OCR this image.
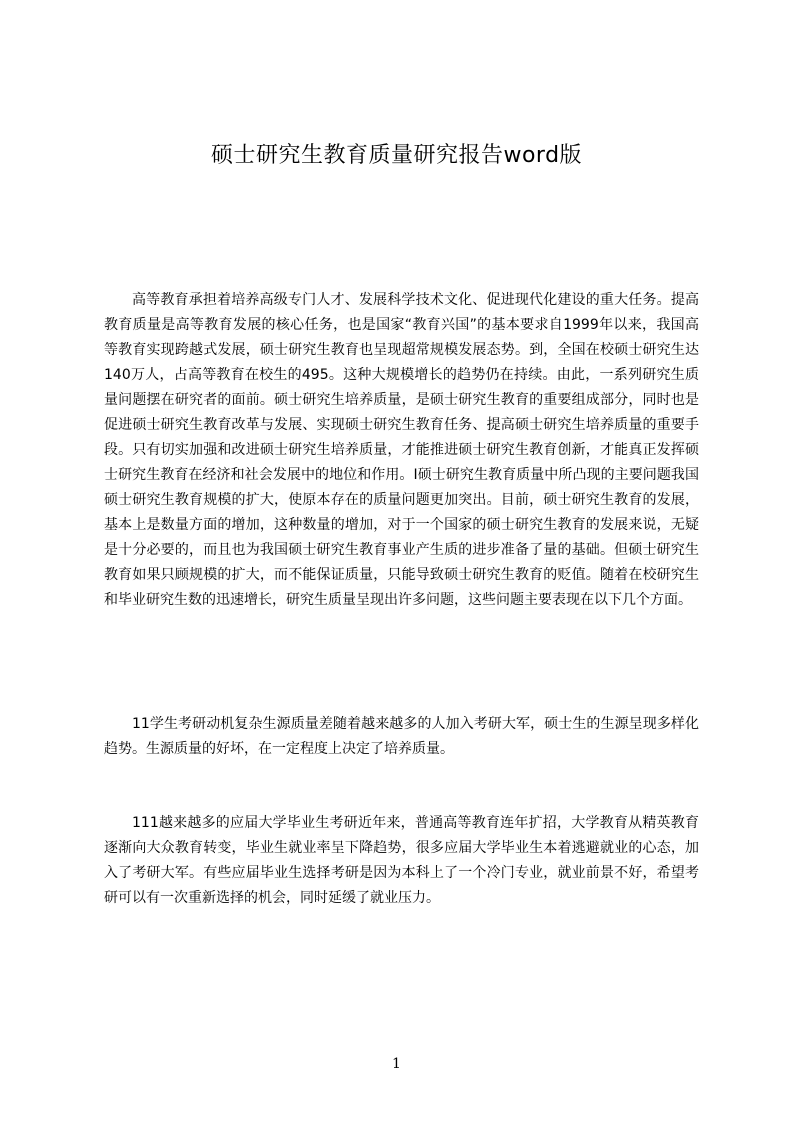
硕士研究生教育质量研究报告word版

高等教育承担着培养高级专门人才、发展科学技术文化、促进现代化建设的重大任务。提高教育质量是高等教育发展的核心任务，也是国家“教育兴国”的基本要求自1999年以来，我国高等教育实现跨越式发展，硕士研究生教育也呈现超常规模发展态势。到，全国在校硕士研究生达140万人，占高等教育在校生的495。这种大规模增长的趋势仍在持续。由此，一系列研究生质量问题摆在研究者的面前。硕士研究生培养质量，是硕士研究生教育的重要组成部分，同时也是促进硕士研究生教育改革与发展、实现硕士研究生教育任务、提高硕士研究生培养质量的重要手段。只有切实加强和改进硕士研究生培养质量，才能推进硕士研究生教育创新，才能真正发挥硕士研究生教育在经济和社会发展中的地位和作用。I硕士研究生教育质量中所凸现的主要问题我国硕士研究生教育规模的扩大，使原本存在的质量问题更加突出。目前，硕士研究生教育的发展，基本上是数量方面的增加，这种数量的增加，对于一个国家的硕士研究生教育的发展来说，无疑是十分必要的，而且也为我国硕士研究生教育事业产生质的进步准备了量的基础。但硕士研究生教育如果只顾规模的扩大，而不能保证质量，只能导致硕士研究生教育的贬值。随着在校研究生和毕业研究生数的迅速增长，研究生质量呈现出许多问题，这些问题主要表现在以下几个方面。

11学生考研动机复杂生源质量差随着越来越多的人加入考研大军，硕士生的生源呈现多样化趋势。生源质量的好坏，在一定程度上决定了培养质量。

111越来越多的应届大学毕业生考研近年来，普通高等教育连年扩招，大学教育从精英教育逐渐向大众教育转变，毕业生就业率呈下降趋势，很多应届大学毕业生本着逃避就业的心态，加入了考研大军。有些应届毕业生选择考研是因为本科上了一个冷门专业，就业前景不好，希望考研可以有一次重新选择的机会，同时延缓了就业压力。

1
